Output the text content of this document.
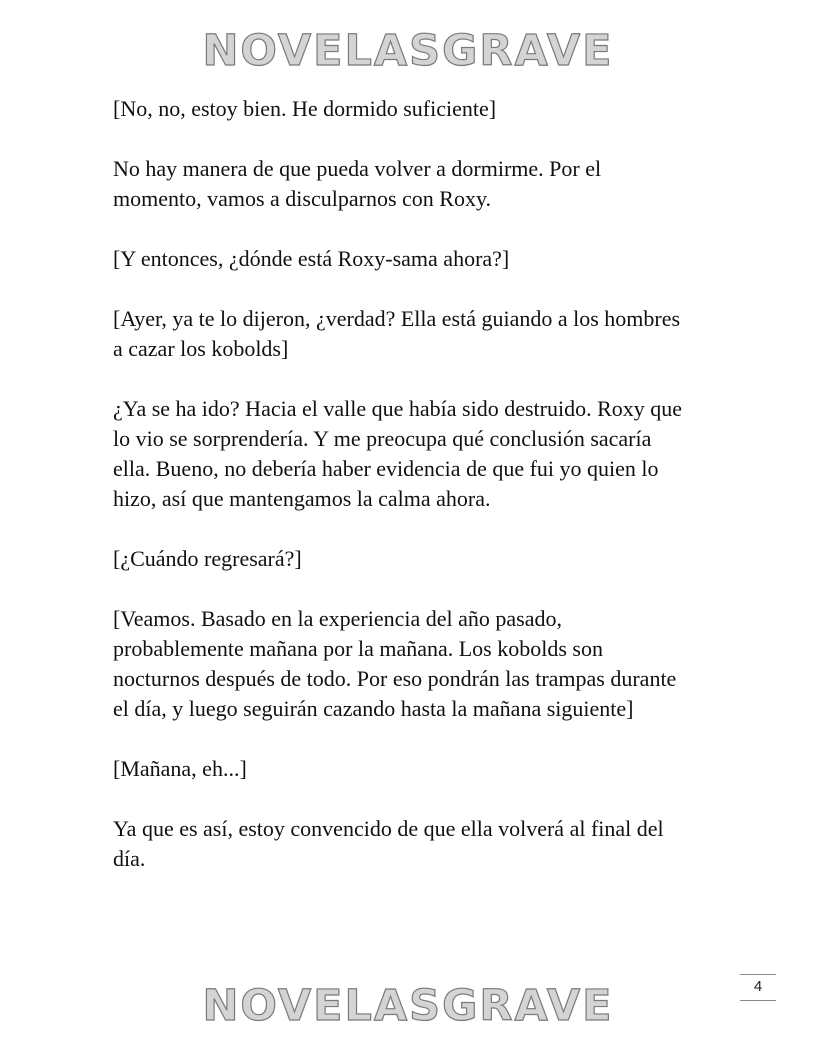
NOVELASGRAVE

[No, no, estoy bien. He dormido suficiente]

No hay manera de que pueda volver a dormirme. Por el momento, vamos a disculparnos con Roxy.

[Y entonces, ¿dónde está Roxy-sama ahora?]

[Ayer, ya te lo dijeron, ¿verdad? Ella está guiando a los hombres a cazar los kobolds]

¿Ya se ha ido? Hacia el valle que había sido destruido. Roxy que lo vio se sorprendería. Y me preocupa qué conclusión sacaría ella. Bueno, no debería haber evidencia de que fui yo quien lo hizo, así que mantengamos la calma ahora.

[¿Cuándo regresará?]

[Veamos. Basado en la experiencia del año pasado, probablemente mañana por la mañana. Los kobolds son nocturnos después de todo. Por eso pondrán las trampas durante el día, y luego seguirán cazando hasta la mañana siguiente]

[Mañana, eh...]

Ya que es así, estoy convencido de que ella volverá al final del día.

4
NOVELASGRAVE
